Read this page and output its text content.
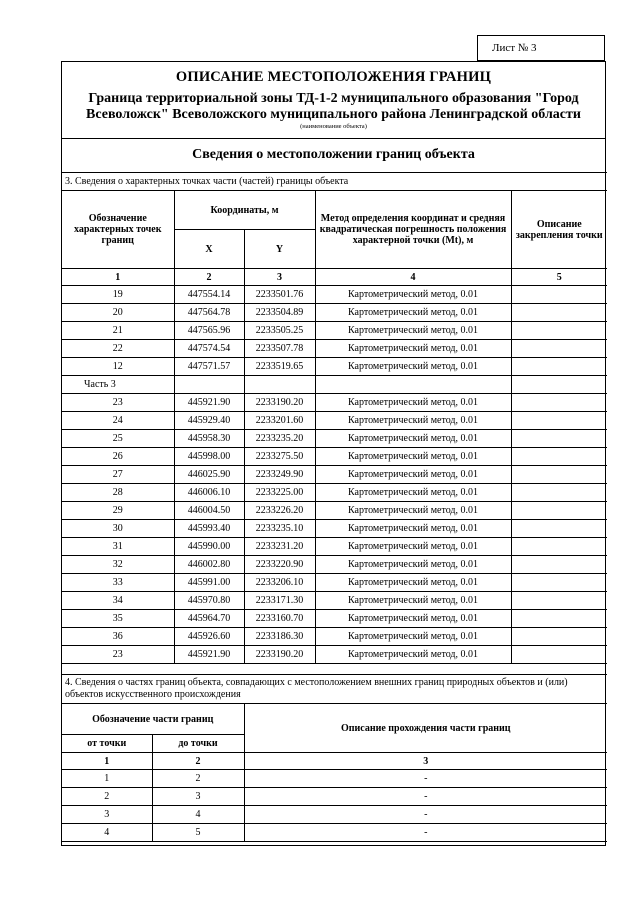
Лист № 3
ОПИСАНИЕ МЕСТОПОЛОЖЕНИЯ ГРАНИЦ
Граница территориальной зоны ТД-1-2 муниципального образования "Город Всеволожск" Всеволожского муниципального района Ленинградской области
(наименование объекта)
Сведения о местоположении границ объекта
3. Сведения о характерных точках части (частей) границы объекта				
Обозначение характерных точек границ	Координаты, м		Метод определения координат и средняя квадратическая погрешность положения характерной точки (Mt), м	Описание закрепления точки
	X	Y		
1	2	3	4	5
19	447554.14	2233501.76	Картометрический метод, 0.01	
20	447564.78	2233504.89	Картометрический метод, 0.01	
21	447565.96	2233505.25	Картометрический метод, 0.01	
22	447574.54	2233507.78	Картометрический метод, 0.01	
12	447571.57	2233519.65	Картометрический метод, 0.01	
Часть 3				
23	445921.90	2233190.20	Картометрический метод, 0.01	
24	445929.40	2233201.60	Картометрический метод, 0.01	
25	445958.30	2233235.20	Картометрический метод, 0.01	
26	445998.00	2233275.50	Картометрический метод, 0.01	
27	446025.90	2233249.90	Картометрический метод, 0.01	
28	446006.10	2233225.00	Картометрический метод, 0.01	
29	446004.50	2233226.20	Картометрический метод, 0.01	
30	445993.40	2233235.10	Картометрический метод, 0.01	
31	445990.00	2233231.20	Картометрический метод, 0.01	
32	446002.80	2233220.90	Картометрический метод, 0.01	
33	445991.00	2233206.10	Картометрический метод, 0.01	
34	445970.80	2233171.30	Картометрический метод, 0.01	
35	445964.70	2233160.70	Картометрический метод, 0.01	
36	445926.60	2233186.30	Картометрический метод, 0.01	
23	445921.90	2233190.20	Картометрический метод, 0.01	
4. Сведения о частях границ объекта, совпадающих с местоположением внешних границ природных объектов и (или) объектов искусственного происхождения		
Обозначение части границ		Описание прохождения части границ
от точки	до точки	
1	2	3
1	2	-
2	3	-
3	4	-
4	5	-
